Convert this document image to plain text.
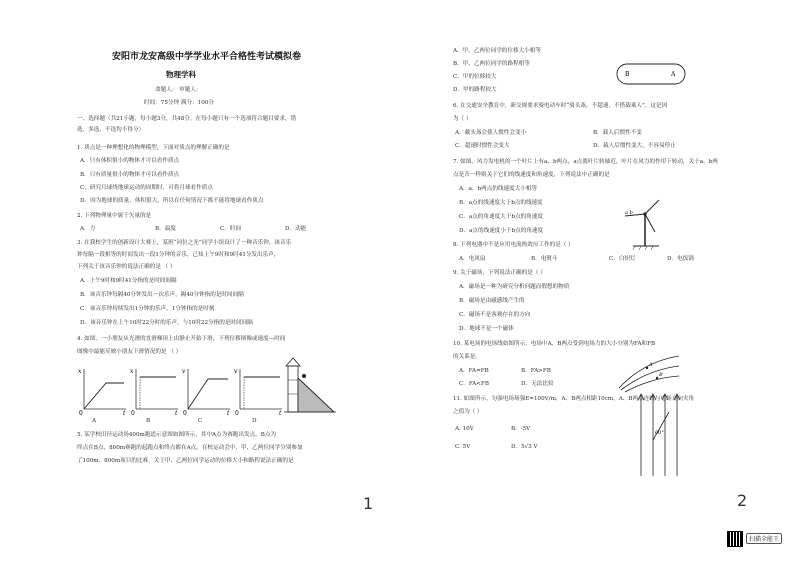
安阳市龙安高级中学学业水平合格性考试模拟卷
物理学科
命题人： 审题人：
时间：75分钟 满分：100分
一、选择题（共21小题，每小题3分，共48分。在每小题只有一个选项符合题目要求，错
选、多选、不选均不得分）
1. 质点是一种理想化的物理模型，下面对质点的理解正确的是
A．只有体积很小的物体才可以看作质点
B．只有质量很小的物体才可以看作质点
C．研究月球绕地球运动的周期时，可将月球看作质点
D．因为地球的质量、体积很大，所以在任何情况下都不能将地球看作质点
2. 下列物理量中属于矢量的是
A．力	B．温度	C．时间	D．动能
3. 在我校学生的创新设计大赛上，某班“同位之光”同学小组设计了一种音乐钟，该音乐
钟每隔一段相等的时间发出一段1分钟的音乐，已知上午9时和9时41分发出乐声，
下列关于该音乐钟的说法正确的是 （ ）
A．上午9时和9时41分指的是时间间隔
B．该音乐钟每隔40分钟发出一次乐声，隔40分钟指的是时间间隔
C．该音乐钟持续发出1分钟的乐声，1分钟指的是时刻
D．该音乐钟在上午10时22分时的乐声，与10时22分指的是时间间隔
4. 如图，一小朋友从光滑的直滑梯顶上由静止开始下滑，下列位移图像或速度—时间
图像中最能反映小朋友下滑情况的是 （ ）
x
t
0
x
t
0
v
t
0
v
t
0
A	B	C	D
5. 某学校田径运动场400m跑道示意图如图所示，其中A点为赛跑出发点，B点为
终点在B点，800m赛跑的起跑点和终点都在A点。在校运动会中，甲、乙两位同学分别参加
了100m、800m项目的比赛，关于甲、乙两位同学运动的位移大小和路程说法正确的是
1
A．甲、乙两位同学的位移大小相等
B．甲、乙两位同学的路程相等
C．甲的位移较大
D．甲的路程较大
B	A
6. 在交通安全教育中，新交规要求骑电动车时“骑头盔，不超速，不搭载乘人”，这是因
为（ ）
A．戴头盔会使人惯性会变小	B．载人后惯性不变
C．超速时惯性会变大	D．载人后惯性变大，不容易停止
7. 如图，风力发电机的一个叶片上有a、b两点，a点离叶片转轴近，叶片在风力的作用下转动，关于a、b两
点是否一样则关于它们的线速度和角速度，下列说法中正确的是
A．a、b两点的线速度大小相等
B．a点的线速度大于b点的线速度
C．a点的角速度大于b点的角速度
D．a点的线速度小于b点的角速度
a b
8. 下列电器中不是应用电流热效应工作的是（ ）
A．电风扇	B．电熨斗	C．白炽灯	D．电饭锅
9. 关于磁场，下列说法正确的是（ ）
A．磁场是一种为研究分析问题而假想的物质
B．磁场是由磁感线产生的
C．磁场不是客观存在的方向
D．地球不是一个磁体
10. 某电场的电场线如图所示，电场中A、B两点受到电场力的大小分别为FA和FB
的关系是。
A．FA=FB	B．FA>FB
C．FA<FB	D．无法比较
A
B
11. 如图所示，匀强电场场强E=100V/m，A、B两点相距10cm，A、B两点连线与电场方向夹角
之值为（ ）
A. 10V	B．-5V
C. 5V	D．5√3 V
60°
2
扫描全能王
